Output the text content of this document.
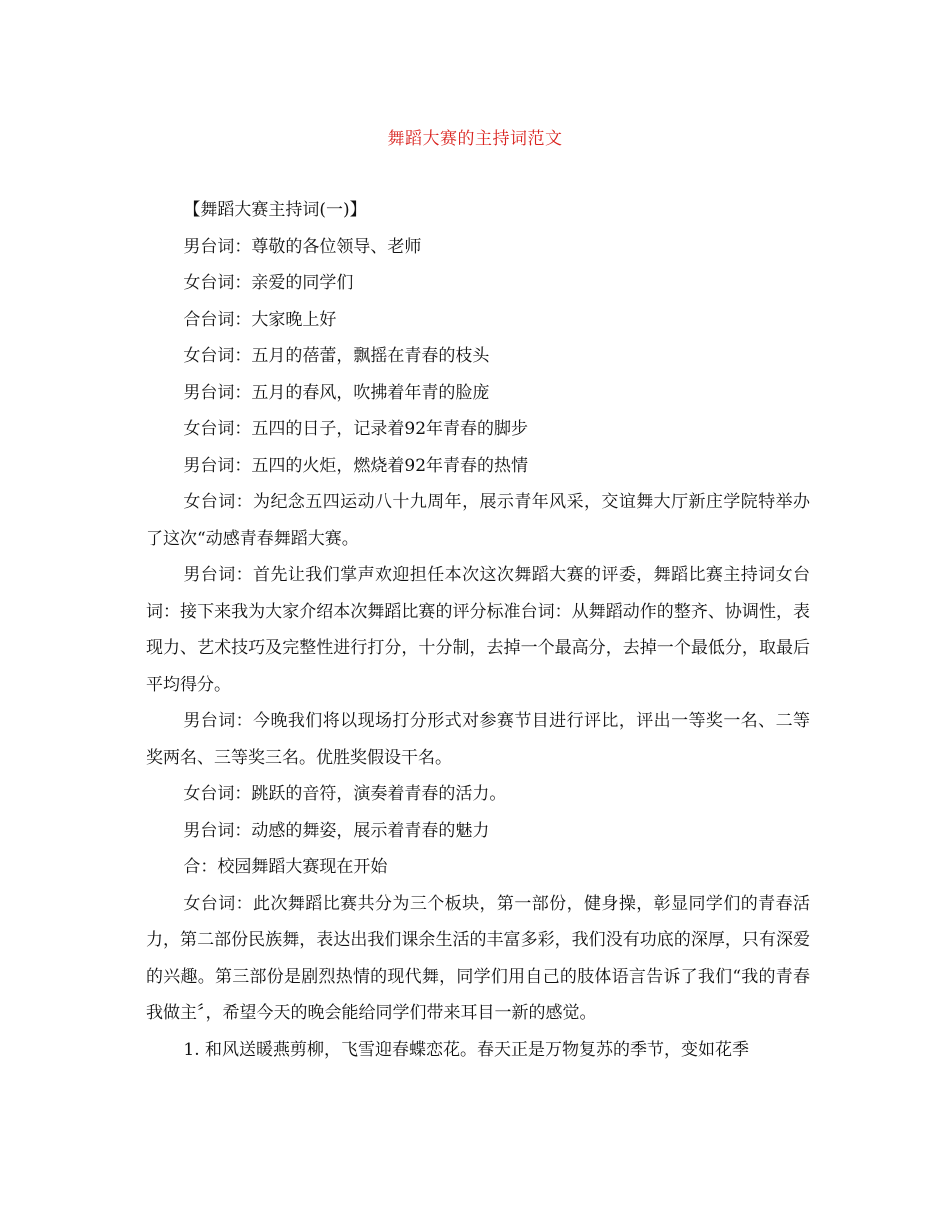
舞蹈大赛的主持词范文

【舞蹈大赛主持词(一)】

男台词：尊敬的各位领导、老师

女台词：亲爱的同学们

合台词：大家晚上好

女台词：五月的蓓蕾，飘摇在青春的枝头

男台词：五月的春风，吹拂着年青的脸庞

女台词：五四的日子，记录着92年青春的脚步

男台词：五四的火炬，燃烧着92年青春的热情

女台词：为纪念五四运动八十九周年，展示青年风采，交谊舞大厅新庄学院特举办了这次“动感青春舞蹈大赛。

男台词：首先让我们掌声欢迎担任本次这次舞蹈大赛的评委，舞蹈比赛主持词女台词：接下来我为大家介绍本次舞蹈比赛的评分标准台词：从舞蹈动作的整齐、协调性，表现力、艺术技巧及完整性进行打分，十分制，去掉一个最高分，去掉一个最低分，取最后平均得分。

男台词：今晚我们将以现场打分形式对参赛节目进行评比，评出一等奖一名、二等奖两名、三等奖三名。优胜奖假设干名。

女台词：跳跃的音符，演奏着青春的活力。

男台词：动感的舞姿，展示着青春的魅力

合：校园舞蹈大赛现在开始

女台词：此次舞蹈比赛共分为三个板块，第一部份，健身操，彰显同学们的青春活力，第二部份民族舞，表达出我们课余生活的丰富多彩，我们没有功底的深厚，只有深爱的兴趣。第三部份是剧烈热情的现代舞，同学们用自己的肢体语言告诉了我们“我的青春我做主〞，希望今天的晚会能给同学们带来耳目一新的感觉。

1. 和风送暖燕剪柳，飞雪迎春蝶恋花。春天正是万物复苏的季节，变如花季
